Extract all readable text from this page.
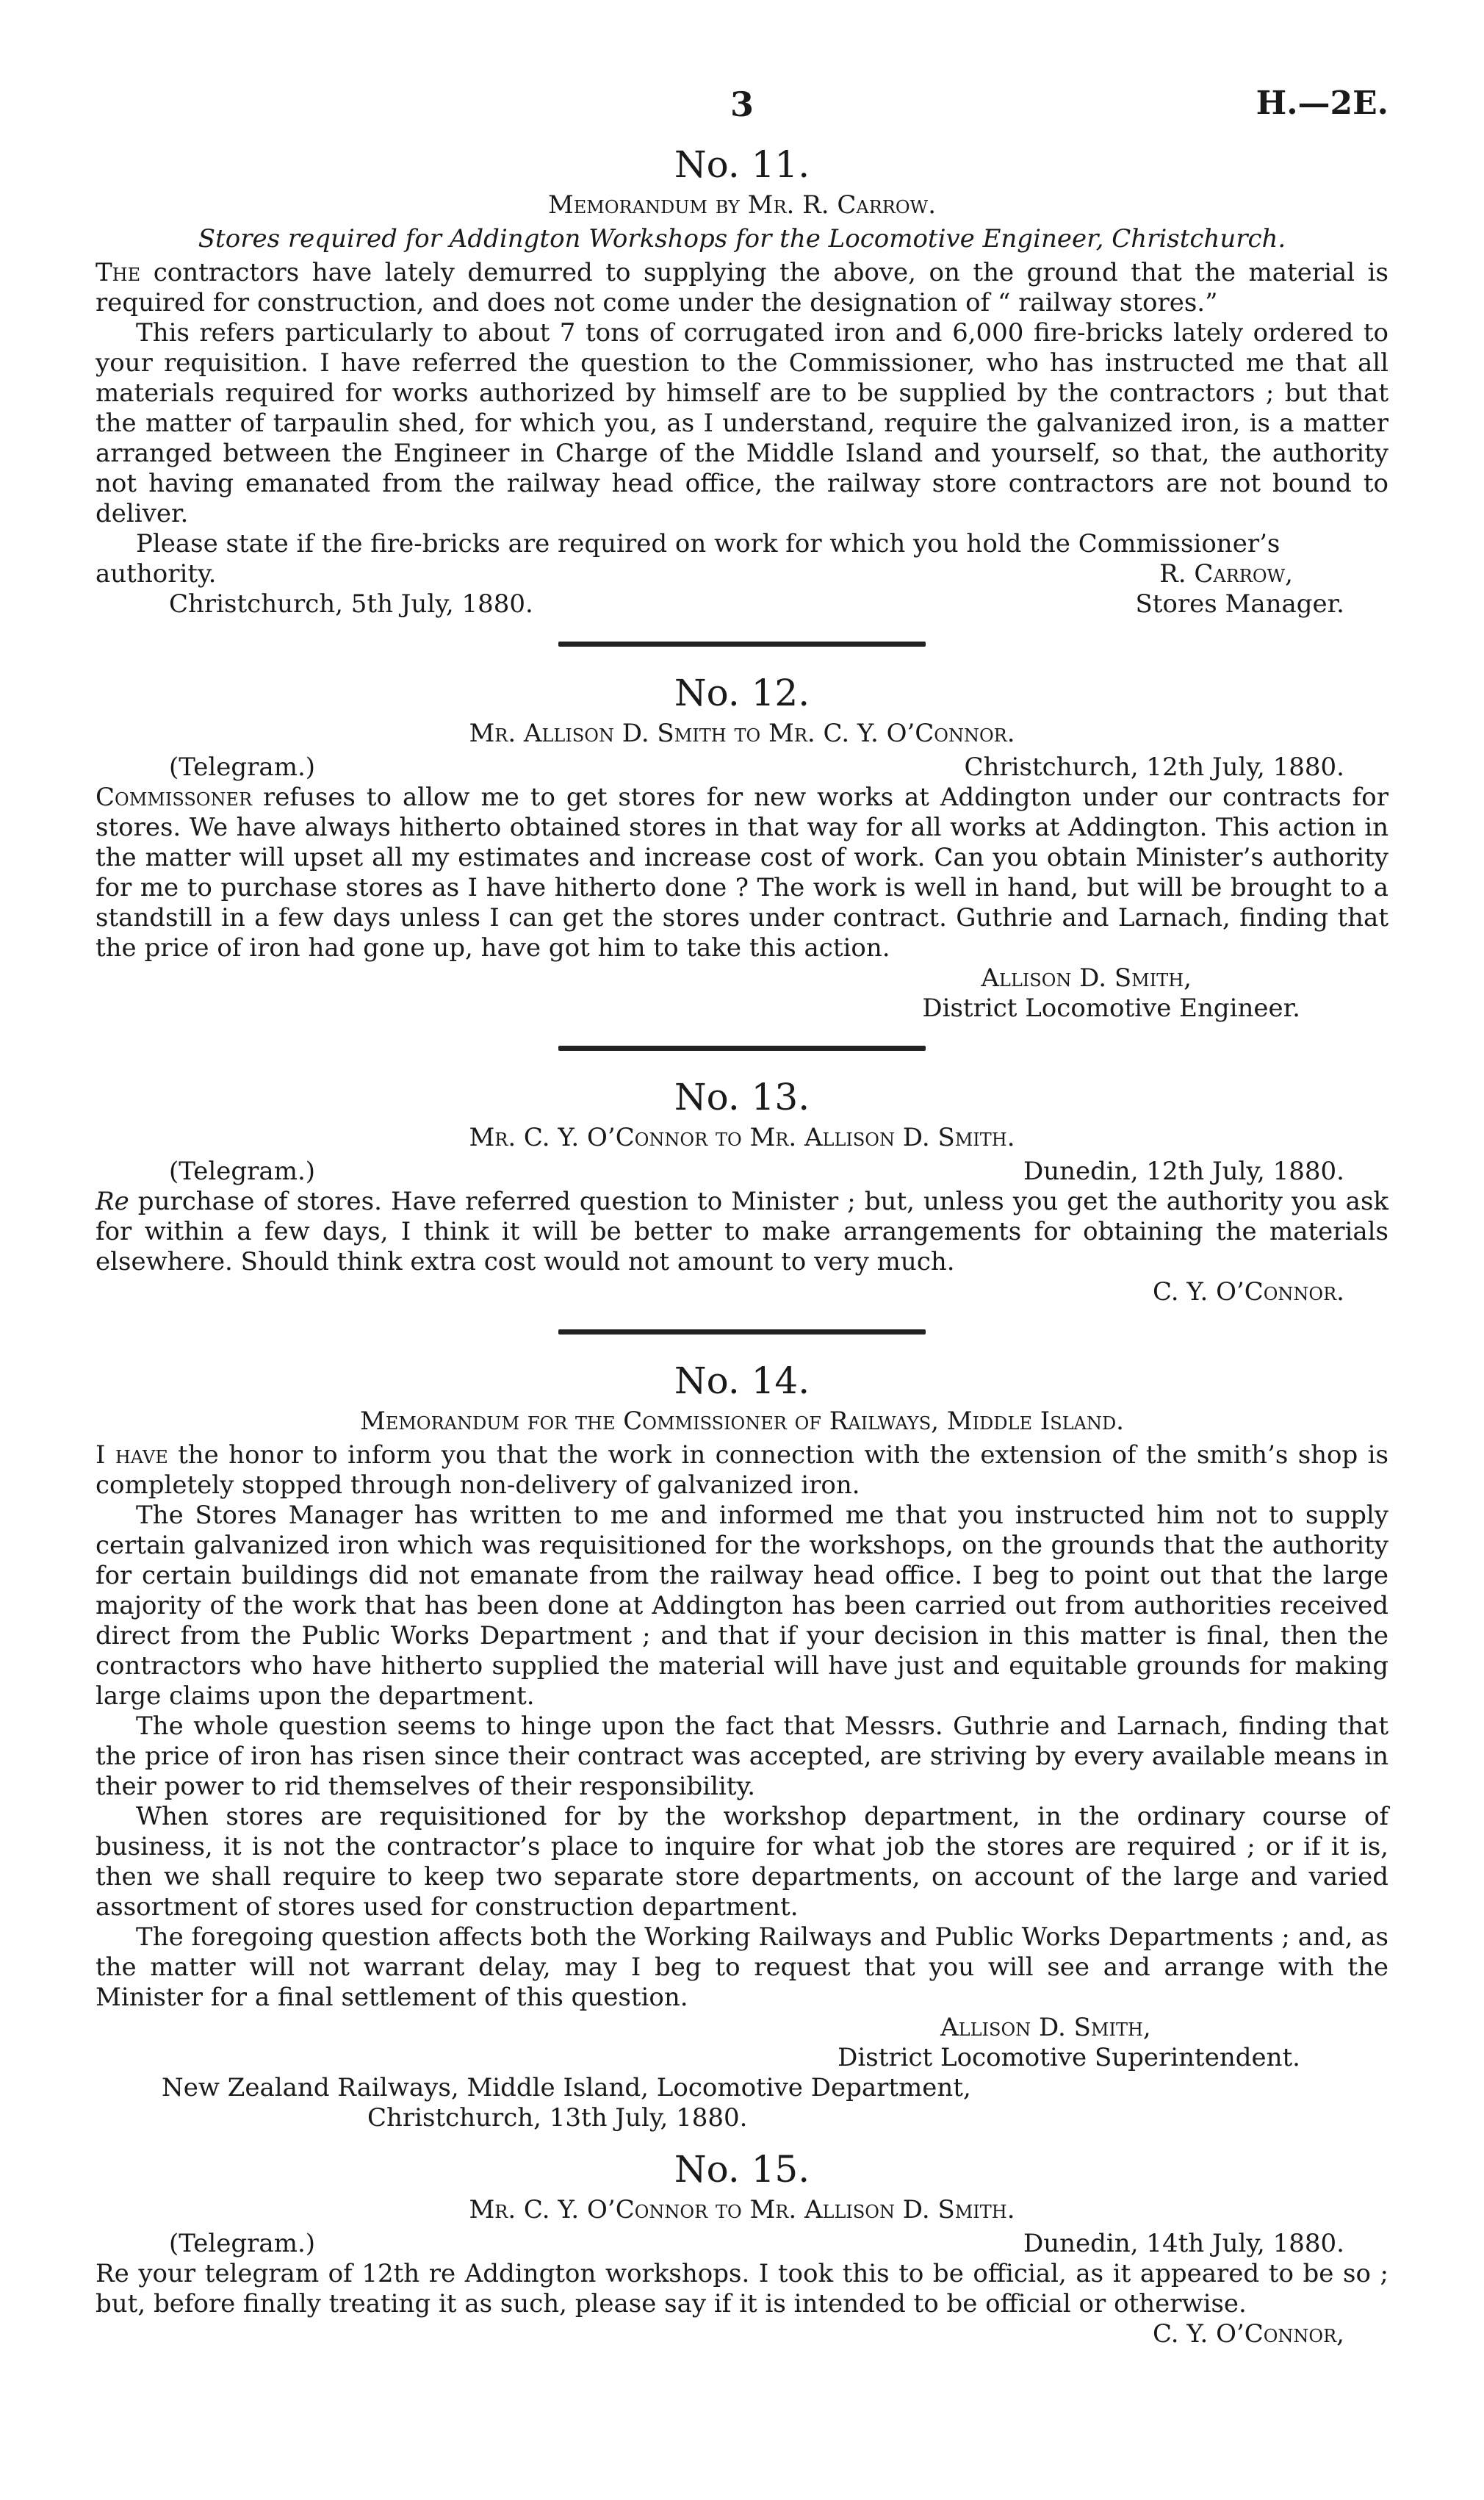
3	H.—2E.
No. 11.
Memorandum by Mr. R. Carrow.
Stores required for Addington Workshops for the Locomotive Engineer, Christchurch.

The contractors have lately demurred to supplying the above, on the ground that the material is required for construction, and does not come under the designation of “ railway stores.”

This refers particularly to about 7 tons of corrugated iron and 6,000 fire-bricks lately ordered to your requisition. I have referred the question to the Commissioner, who has instructed me that all materials required for works authorized by himself are to be supplied by the contractors ; but that the matter of tarpaulin shed, for which you, as I understand, require the galvanized iron, is a matter arranged between the Engineer in Charge of the Middle Island and yourself, so that, the authority not having emanated from the railway head office, the railway store contractors are not bound to deliver.

Please state if the fire-bricks are required on work for which you hold the Commissioner’s

authority.	R. Carrow,
Christchurch, 5th July, 1880.	Stores Manager.
No. 12.
Mr. Allison D. Smith to Mr. C. Y. O’Connor.
(Telegram.)	Christchurch, 12th July, 1880.

Commissoner refuses to allow me to get stores for new works at Addington under our contracts for stores. We have always hitherto obtained stores in that way for all works at Addington. This action in the matter will upset all my estimates and increase cost of work. Can you obtain Minister’s authority for me to purchase stores as I have hitherto done ? The work is well in hand, but will be brought to a standstill in a few days unless I can get the stores under contract. Guthrie and Larnach, finding that the price of iron had gone up, have got him to take this action.

Allison D. Smith,
District Locomotive Engineer.
No. 13.
Mr. C. Y. O’Connor to Mr. Allison D. Smith.
(Telegram.)	Dunedin, 12th July, 1880.

Re purchase of stores. Have referred question to Minister ; but, unless you get the authority you ask for within a few days, I think it will be better to make arrangements for obtaining the materials elsewhere. Should think extra cost would not amount to very much.

C. Y. O’Connor.
No. 14.
Memorandum for the Commissioner of Railways, Middle Island.

I have the honor to inform you that the work in connection with the extension of the smith’s shop is completely stopped through non-delivery of galvanized iron.

The Stores Manager has written to me and informed me that you instructed him not to supply certain galvanized iron which was requisitioned for the workshops, on the grounds that the authority for certain buildings did not emanate from the railway head office. I beg to point out that the large majority of the work that has been done at Addington has been carried out from authorities received direct from the Public Works Department ; and that if your decision in this matter is final, then the contractors who have hitherto supplied the material will have just and equitable grounds for making large claims upon the department.

The whole question seems to hinge upon the fact that Messrs. Guthrie and Larnach, finding that the price of iron has risen since their contract was accepted, are striving by every available means in their power to rid themselves of their responsibility.

When stores are requisitioned for by the workshop department, in the ordinary course of business, it is not the contractor’s place to inquire for what job the stores are required ; or if it is, then we shall require to keep two separate store departments, on account of the large and varied assortment of stores used for construction department.

The foregoing question affects both the Working Railways and Public Works Departments ; and, as the matter will not warrant delay, may I beg to request that you will see and arrange with the Minister for a final settlement of this question.

Allison D. Smith,
District Locomotive Superintendent.
New Zealand Railways, Middle Island, Locomotive Department,
Christchurch, 13th July, 1880.
No. 15.
Mr. C. Y. O’Connor to Mr. Allison D. Smith.
(Telegram.)	Dunedin, 14th July, 1880.

Re your telegram of 12th re Addington workshops. I took this to be official, as it appeared to be so ; but, before finally treating it as such, please say if it is intended to be official or otherwise.

C. Y. O’Connor,
